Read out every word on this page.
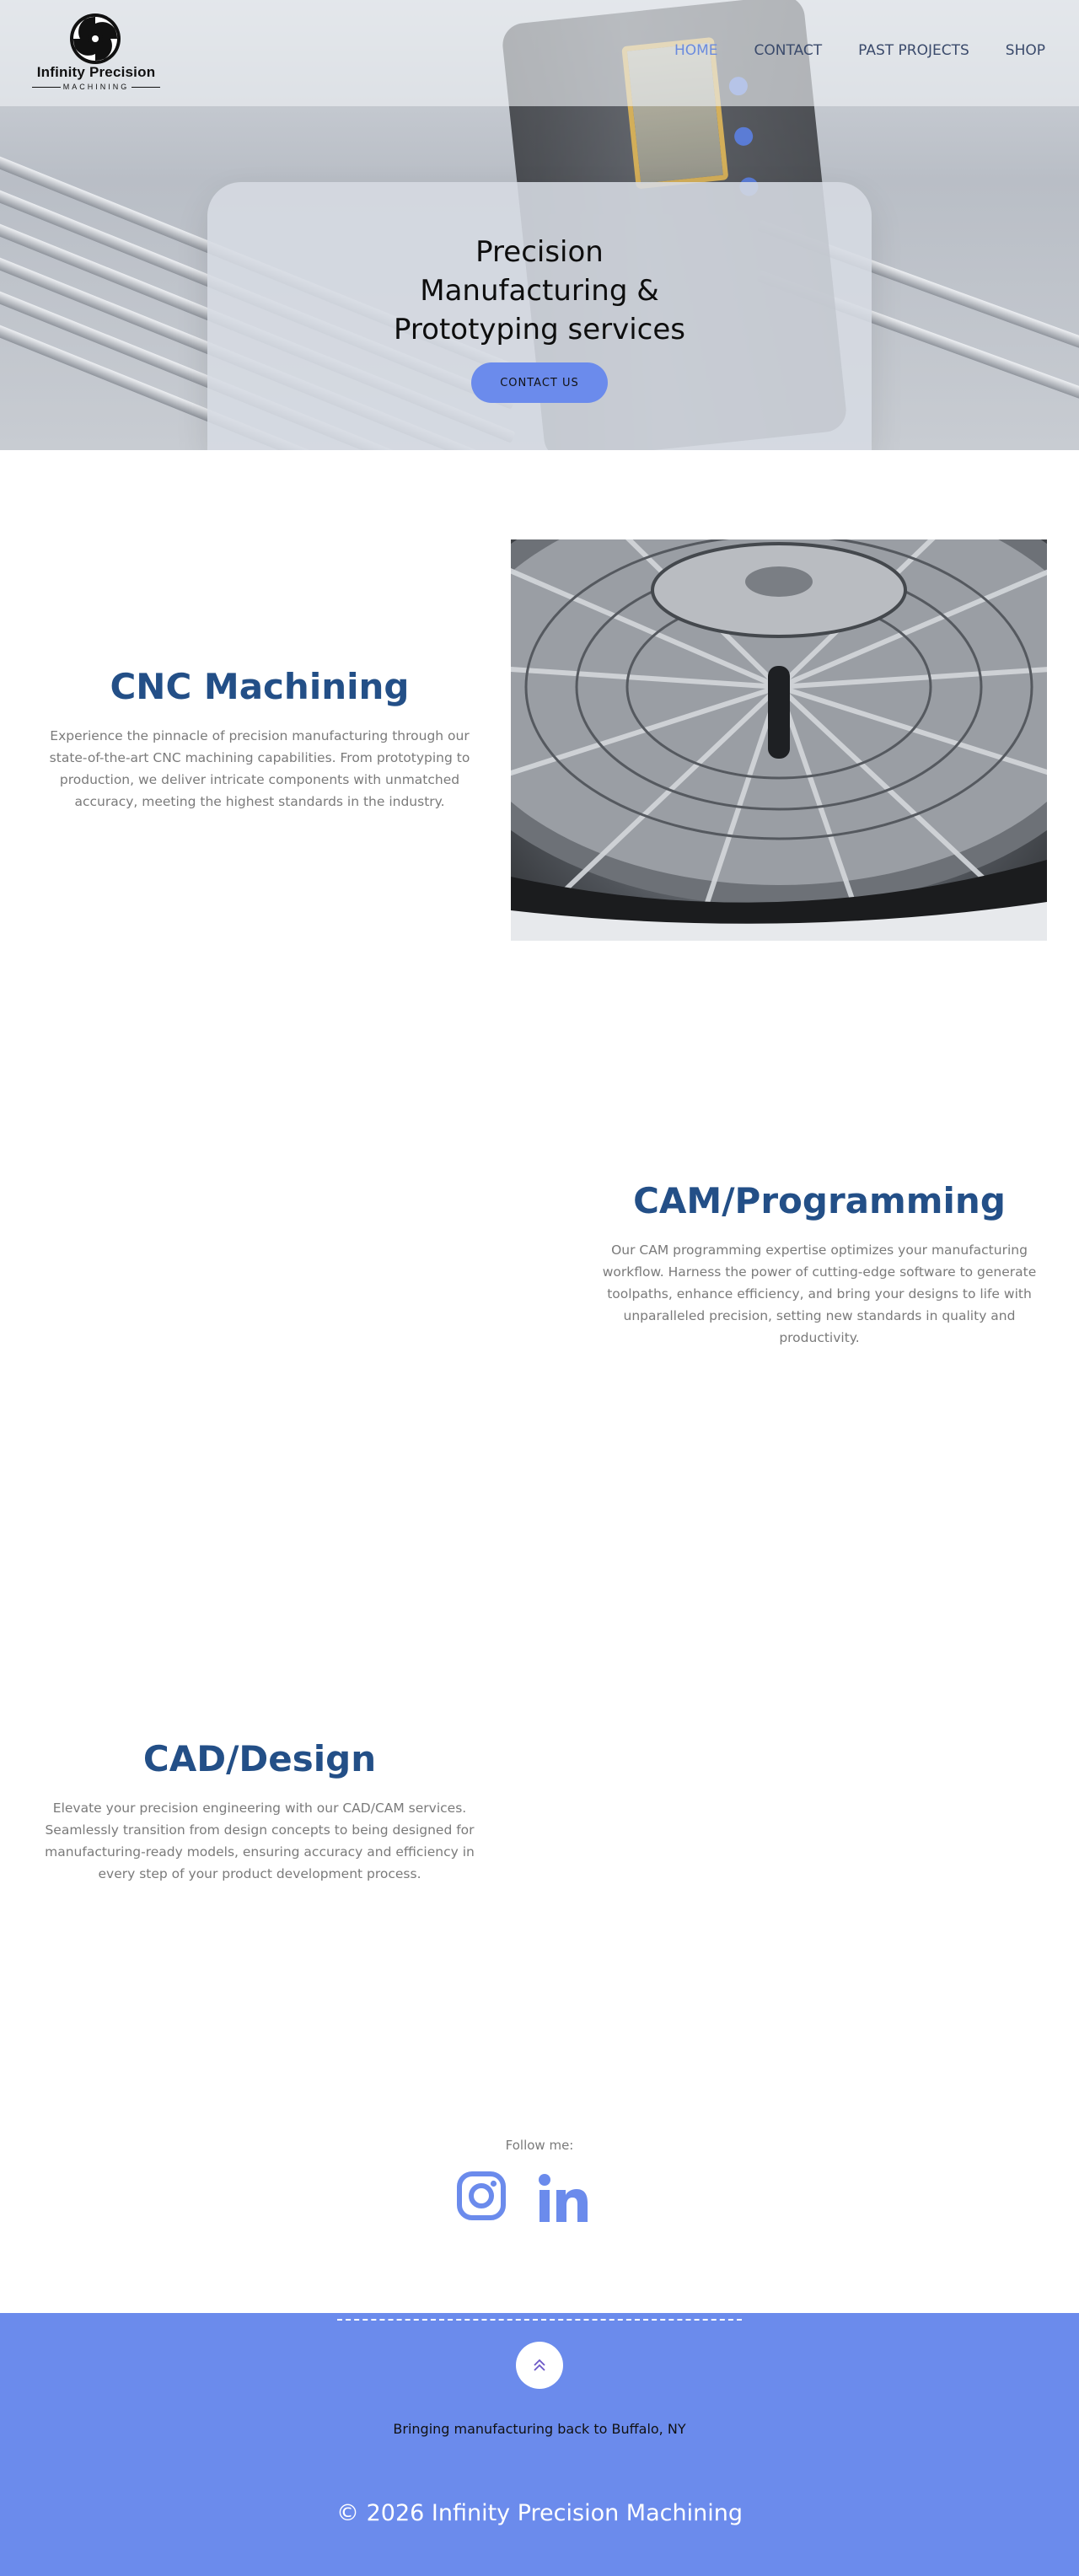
Precision
Manufacturing &
Prototyping services
CONTACT US
Infinity Precision
MACHINING
HOME	CONTACT	PAST PROJECTS	SHOP
CNC Machining

Experience the pinnacle of precision manufacturing through our state-of-the-art CNC machining capabilities. From prototyping to production, we deliver intricate components with unmatched accuracy, meeting the highest standards in the industry.

CAM/Programming

Our CAM programming expertise optimizes your manufacturing workflow. Harness the power of cutting-edge software to generate toolpaths, enhance efficiency, and bring your designs to life with unparalleled precision, setting new standards in quality and productivity.

CAD/Design

Elevate your precision engineering with our CAD/CAM services. Seamlessly transition from design concepts to being designed for manufacturing-ready models, ensuring accuracy and efficiency in every step of your product development process.

Follow me:
Bringing manufacturing back to Buffalo, NY
© 2026 Infinity Precision Machining
